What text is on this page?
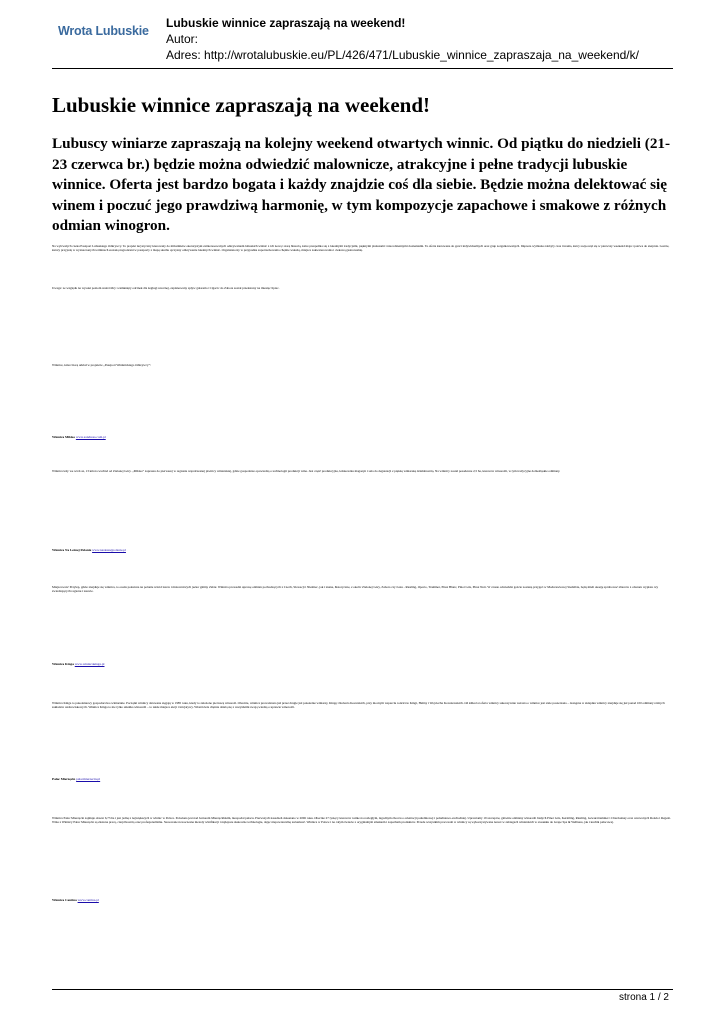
Wrota Lubuskie
Lubuskie winnice zapraszają na weekend!
Autor:
Adres: http://wrotalubuskie.eu/PL/426/471/Lubuskie_winnice_zapraszaja_na_weekend/k/
Lubuskie winnice zapraszają na weekend!

Lubuscy winiarze zapraszają na kolejny weekend otwartych winnic. Od piątku do niedzieli (21-23 czerwca br.) będzie można odwiedzić malownicze, atrakcyjne i pełne tradycji lubuskie winnice. Oferta jest bardzo bogata i każdy znajdzie coś dla siebie. Będzie można delektować się winem i poczuć jego prawdziwą harmonię, w tym kompozycje zapachowe i smakowe z różnych odmian winogron.

Na wytrwałych czeka Paszport Lubuskiego Odkrywcy. To projekt turystyczny kierowany do miłośników ekoturystyki zainteresowanych odkrywaniem lubuskich winnic z ich nową i starą historią, które przepełnia się z lokalnymi tradycjami, pięknymi planszami i niecodziennymi doznaniami. Ta oferta kierowana do gości indywidualnych oraz grup zorganizowanych. Impreza wymiana zdobyty czas trwania, który rozpoczął się w pierwszy weekend maja i potrwa do sierpnia. Goście, którzy przyjadą w wyznaczonych terminach zostaną nagrodzeni w paszporty z mapą skarbu ojczyzny odkrywanie lokalnych winnic. Organizatorzy w przypadku zapotrzebowania chętnie wskażą, miejsca zakwaterowania i ciekawą gastronomię.

Uwaga: ze względu na wysoki poziom rzeki Odry i zamknięty odcinek dla żeglugi rzecznej, zaplanowany spływ galarem z Cigacic do Zabora został przełożony na miesiąc lipiec.

Winnice, które biorą udział w projekcie „Paszport Winnnickiego Odkrywcy”:

Winnica Milsko www.sandrees.com.pl

Winnica leży we wsi Łaz, 13 km na wschód od Zielonej Góry. „Milsko” zaprasza do pierwszej w regionie współczesnej piwnicy winiarskiej, gdzie gospodarze opowiedzą o technologii produkcji wina. Jest część produkcyjna, leżakownia magazyn i sala do degustacji z piękną winiarską działalnością. Na winnicy został posadzone 2,5 ha, krzewów winorośli, w tym tradycyjne dolnośląskie odmiany.

Winnica Na Leśnej Polanie www.naslesnejpolanie.pl

Miejscowość Przylep, gdzie znajduje się winnica, to osada położona na polanie wśród lasów i malowniczych jezior gminy Zabór. Winnica prowadzi uprawę odmian pochodzących z Czech, Słowacji i Niemiec, jak i znane, historyczne, z okolic Zielonej Góry, Zabora czy Łazu - Riesling, Oporto, Traminer, Pinot Blanc, Pinot Gris, Pinot Noir. W czasie odwiedzin goście zostaną przyjęci w Modrzewiowej Siedzibie, będą mieli okazję spróbować zbiorów z obszaru wypłata czy zwiedzających regionu i zsuwie.

Winnica Kinga www.winnicakinga.pl

Winnica Kinga to pokoleniowy gospodarstwo winiarskie. Początki winnicy datowane sięgają w 1985 roku, kiedy to założono pierwszą winorośl. Obecnie, winnica prowadzona już przez drugie już pokolenie winiarzy, Kingę i Roberta Kozarskich, przy mocnym wsparciu rodziców Kingi, Haliny i Wojciecha Kowalewskich. Od kilku lat oferta winnicy sukcesywnie wzrasta o winnice jest stale poszerzana – dostępne w sklepiku winnicy znajduje się już ponad 100 odmiany różnych zakładów uzdrowiskowych. Winnica Kinga to nie tylko szkółka winorośli – to także miejsce akcji i inicjatywy. Właściciele chętnie dzielą się z wszystkimi swoją wiedzą o uprawie winorośli.

Pałac Mierzęcin palacmierzecin.pl

Winnica Pałac Mierzęcin zajmuje obszar 6,73 ha i jest jedną z największych w winnic w Polsce. Położona jest nad Jeziorem Mierzęcińskim, nieopodal pałacu. Pierwszych nasadzeń dokonano w 2006 roku. Obecnie 27 tysięcy krzewów rośnie na rozległym, łagodnym zboczu o orientacji południowej i południowo-zachodniej. Uprawiamy 19 szczepów, głównie odmiany winorośli białych Pinot Gris, Kerniling, Riesling, Gewurztraminer i Chardonnay oraz czerwonych Rondo i Regent. Wina z Winnicy Pałac Mierzęcin są złożone pracą, cierpliwością oraz profesjonalizmu. Stosowane nowoczesne metody winifikacji i najlepsze skuteczne technologie, dając niepowtarzalną tożsamość. Winnica w Polsce i na całym świecie z oryginalnym smakiem i zapachem produktów. Przede wszystkim pracowali w winnicy są wykorzystywane nawet w zabiegach winiarskich w stosunku do Grape Spa & Wellness, jak i kuchni pałacowej.

Winnica Cantina www.cantina.pl

strona 1 / 2
